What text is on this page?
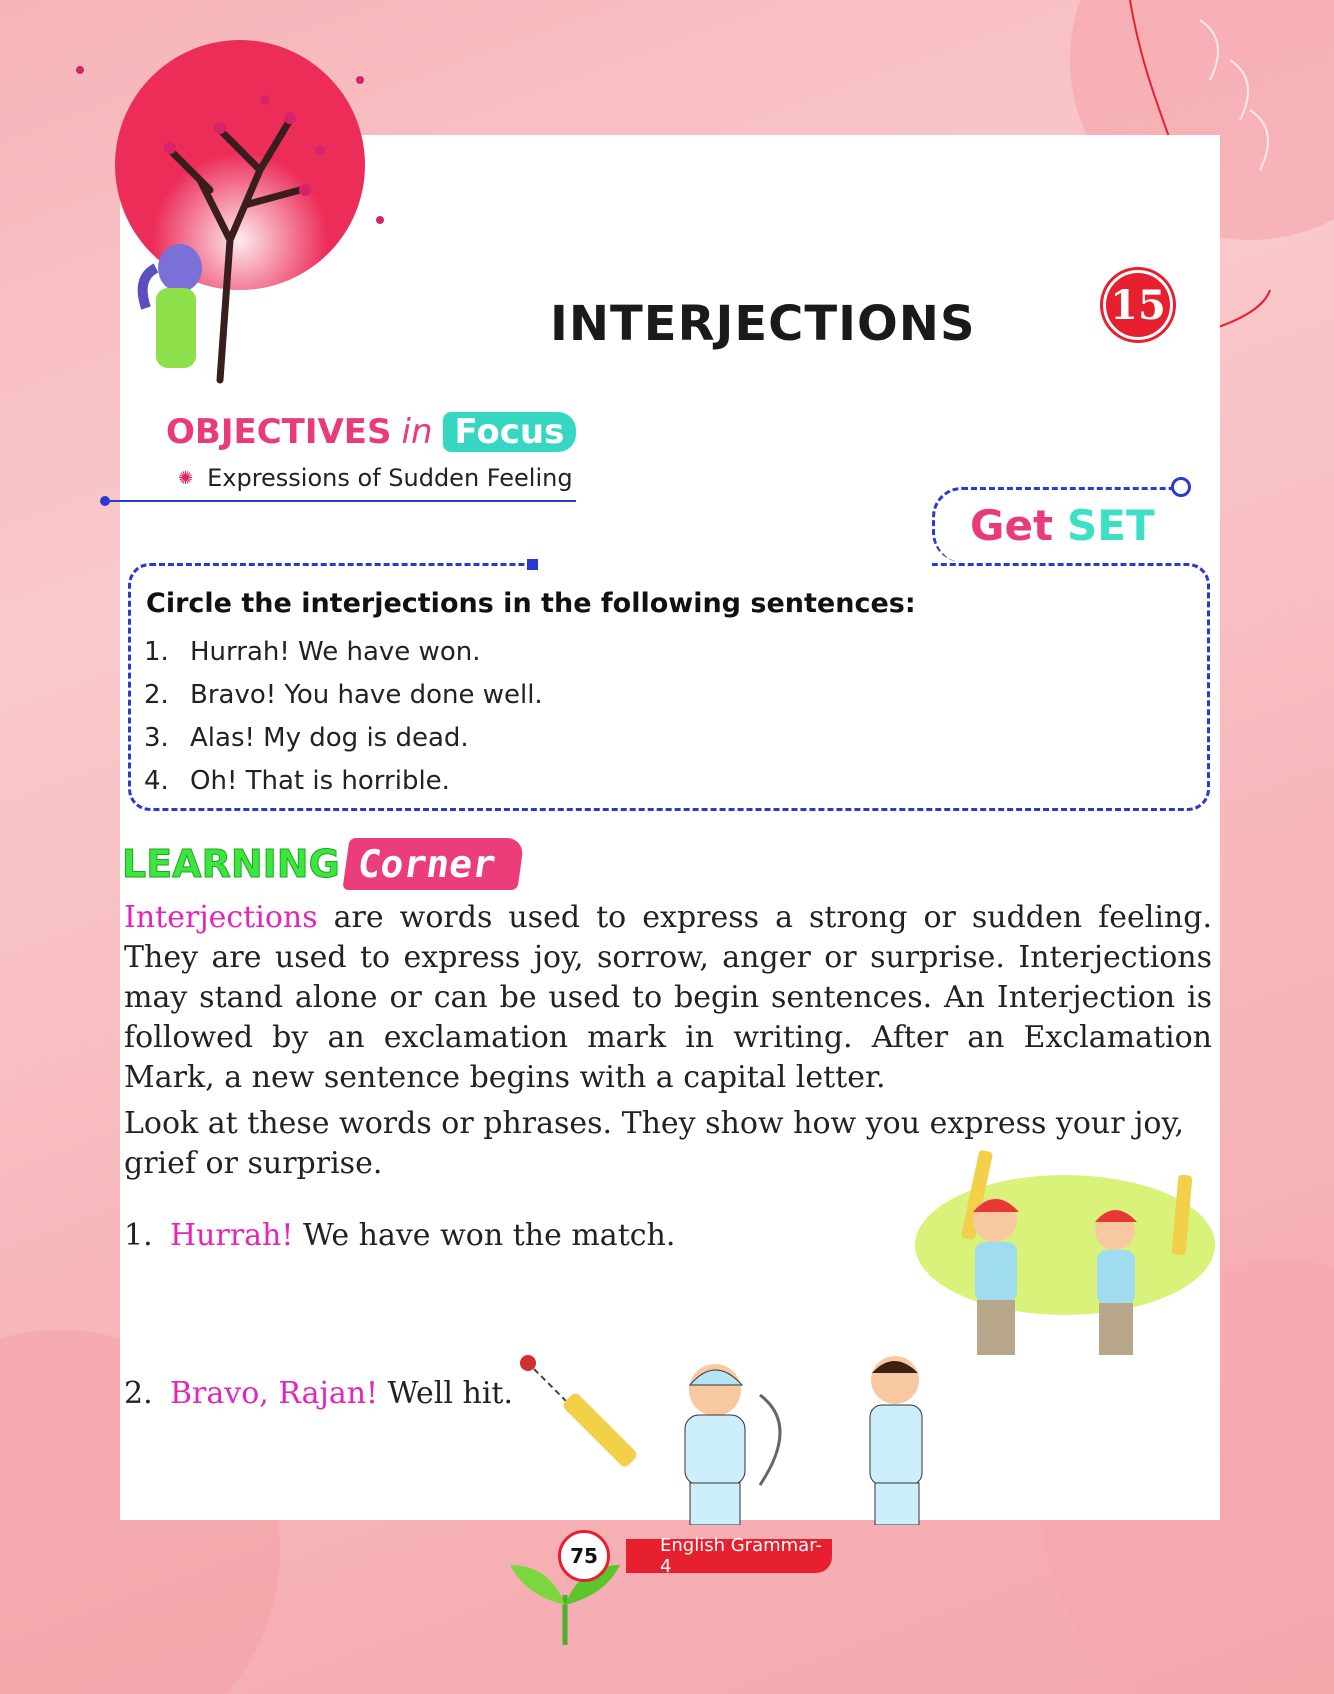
INTERJECTIONS	15
OBJECTIVES in Focus
✺ Expressions of Sudden Feeling
Get SET
Circle the interjections in the following sentences:
1. Hurrah! We have won.
2. Bravo! You have done well.
3. Alas! My dog is dead.
4. Oh! That is horrible.
LEARNING Corner

Interjections are words used to express a strong or sudden feeling. They are used to express joy, sorrow, anger or surprise. Interjections may stand alone or can be used to begin sentences. An Interjection is followed by an exclamation mark in writing. After an Exclamation Mark, a new sentence begins with a capital letter.

Look at these words or phrases. They show how you express your joy, grief or surprise.

1. Hurrah! We have won the match.

2. Bravo, Rajan! Well hit.

75	English Grammar-4
